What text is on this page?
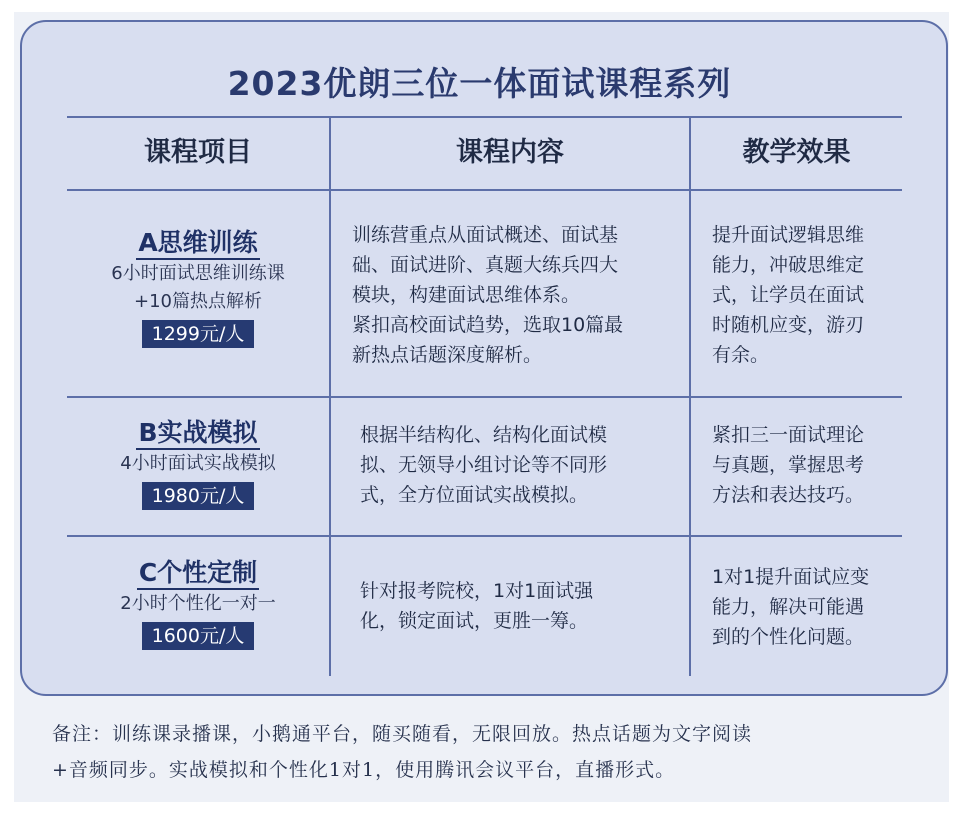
2023优朗三位一体面试课程系列
课程项目	课程内容	教学效果
A思维训练
6小时面试思维训练课
+10篇热点解析
1299元/人
训练营重点从面试概述、面试基
础、面试进阶、真题大练兵四大
模块，构建面试思维体系。
紧扣高校面试趋势，选取10篇最
新热点话题深度解析。
提升面试逻辑思维
能力，冲破思维定
式，让学员在面试
时随机应变，游刃
有余。
B实战模拟
4小时面试实战模拟
1980元/人
根据半结构化、结构化面试模
拟、无领导小组讨论等不同形
式，全方位面试实战模拟。
紧扣三一面试理论
与真题，掌握思考
方法和表达技巧。
C个性定制
2小时个性化一对一
1600元/人
针对报考院校，1对1面试强
化，锁定面试，更胜一筹。
1对1提升面试应变
能力，解决可能遇
到的个性化问题。
备注：训练课录播课，小鹅通平台，随买随看，无限回放。热点话题为文字阅读
+音频同步。实战模拟和个性化1对1，使用腾讯会议平台，直播形式。
